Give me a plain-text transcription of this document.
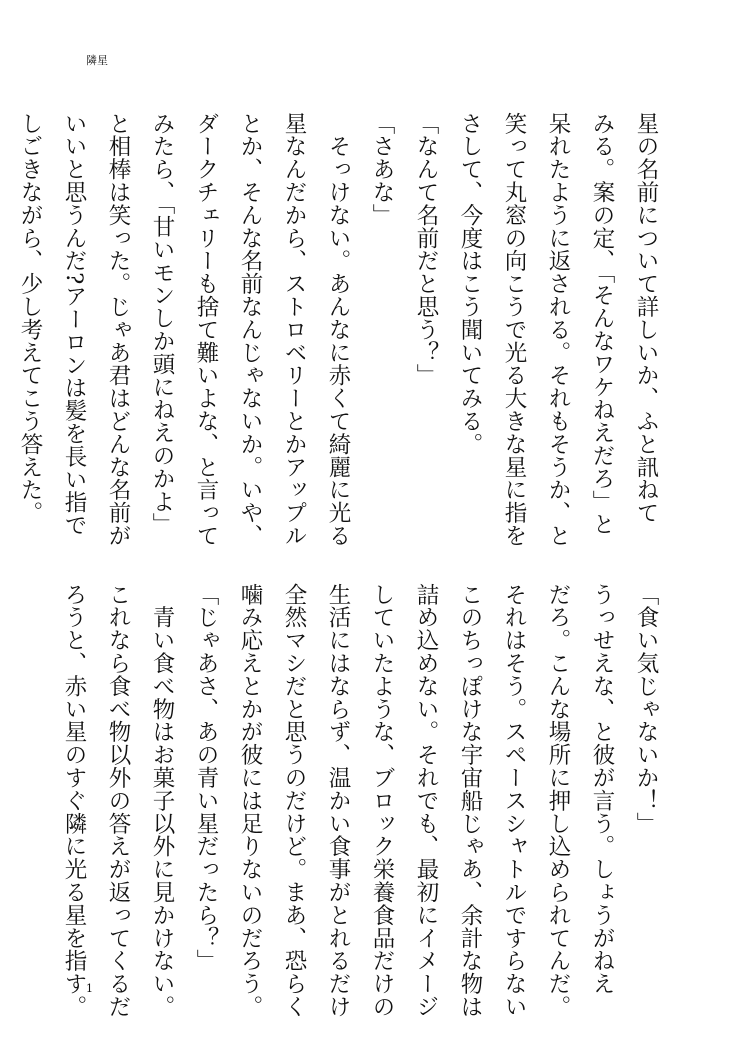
隣星
星の名前について詳しいか、ふと訊ねて
みる。案の定、「そんなワケねえだろ」と
呆れたように返される。それもそうか、と
笑って丸窓の向こうで光る大きな星に指を
さして、今度はこう聞いてみる。
「なんて名前だと思う？」
「さあな」
　そっけない。あんなに赤くて綺麗に光る
星なんだから、ストロベリーとかアップル
とか、そんな名前なんじゃないか。いや、
ダークチェリーも捨て難いよな、と言って
みたら、「甘いモンしか頭にねえのかよ」
と相棒は笑った。じゃあ君はどんな名前が
いいと思うんだ?アーロンは髪を長い指で
しごきながら、少し考えてこう答えた。
「食い気じゃないか！」
うっせえな、と彼が言う。しょうがねえ
だろ。こんな場所に押し込められてんだ。
それはそう。スペースシャトルですらない
このちっぽけな宇宙船じゃあ、余計な物は
詰め込めない。それでも、最初にイメージ
していたような、ブロック栄養食品だけの
生活にはならず、温かい食事がとれるだけ
全然マシだと思うのだけど。まあ、恐らく
噛み応えとかが彼には足りないのだろう。
「じゃあさ、あの青い星だったら？」
　青い食べ物はお菓子以外に見かけない。
これなら食べ物以外の答えが返ってくるだ
ろうと、赤い星のすぐ隣に光る星を指す。 1
